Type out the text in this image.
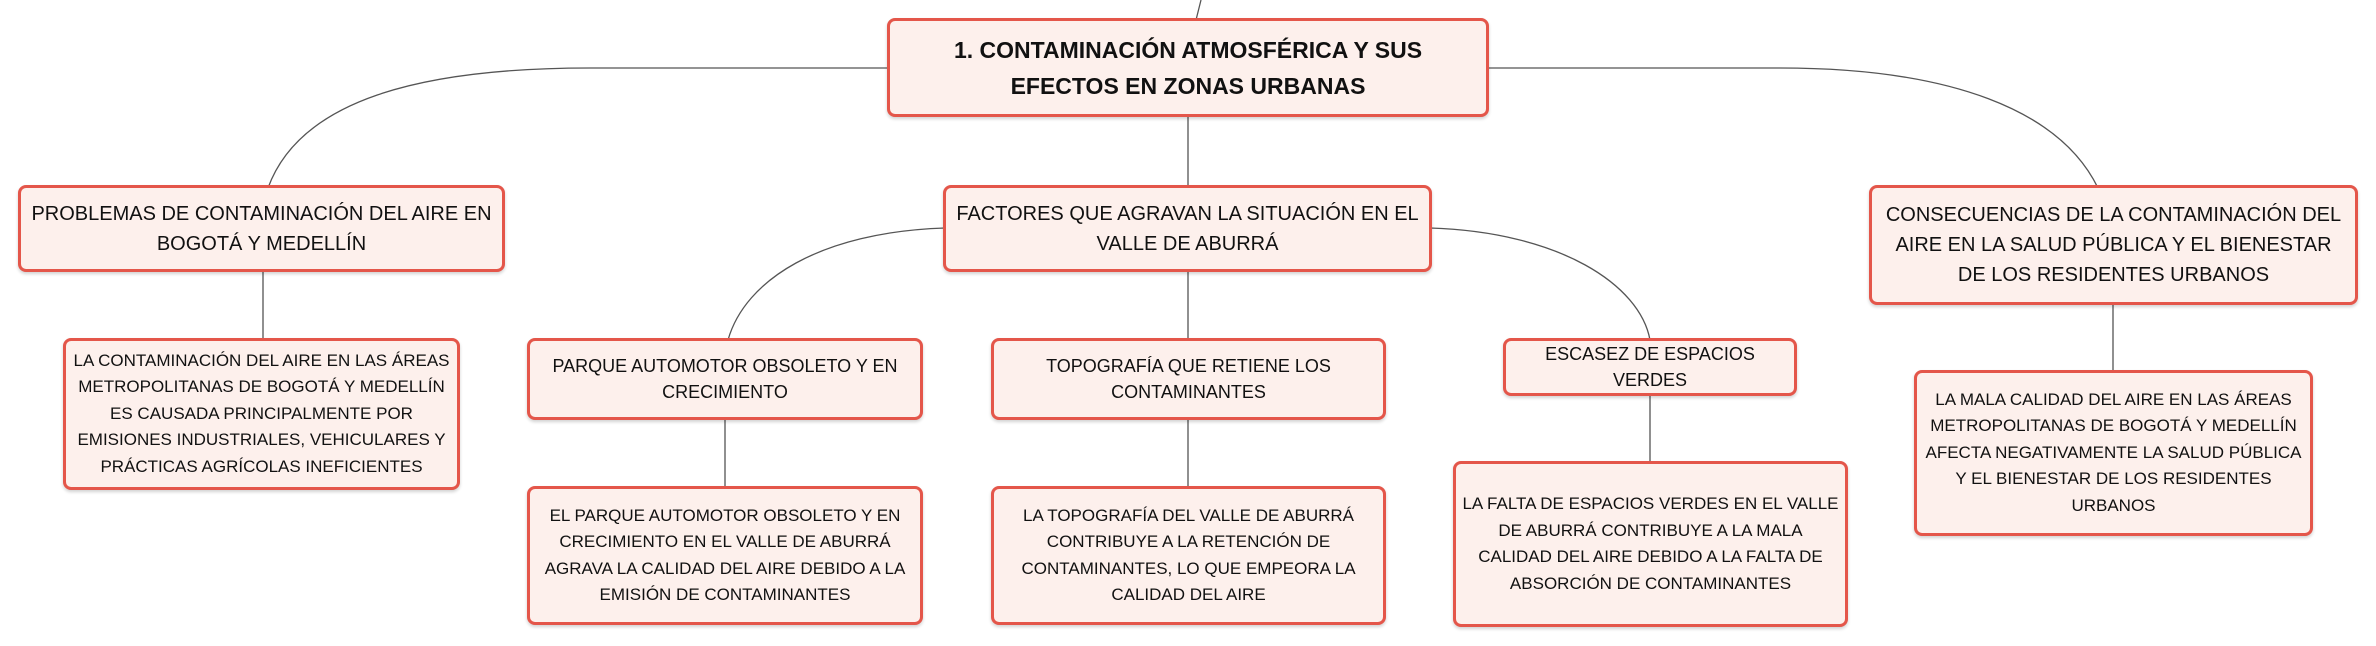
1. CONTAMINACIÓN ATMOSFÉRICA Y SUS EFECTOS EN ZONAS URBANAS
PROBLEMAS DE CONTAMINACIÓN DEL AIRE EN BOGOTÁ Y MEDELLÍN
FACTORES QUE AGRAVAN LA SITUACIÓN EN EL VALLE DE ABURRÁ
CONSECUENCIAS DE LA CONTAMINACIÓN DEL AIRE EN LA SALUD PÚBLICA Y EL BIENESTAR DE LOS RESIDENTES URBANOS
LA CONTAMINACIÓN DEL AIRE EN LAS ÁREAS METROPOLITANAS DE BOGOTÁ Y MEDELLÍN ES CAUSADA PRINCIPALMENTE POR EMISIONES INDUSTRIALES, VEHICULARES Y PRÁCTICAS AGRÍCOLAS INEFICIENTES
PARQUE AUTOMOTOR OBSOLETO Y EN CRECIMIENTO
TOPOGRAFÍA QUE RETIENE LOS CONTAMINANTES
ESCASEZ DE ESPACIOS VERDES
LA MALA CALIDAD DEL AIRE EN LAS ÁREAS METROPOLITANAS DE BOGOTÁ Y MEDELLÍN AFECTA NEGATIVAMENTE LA SALUD PÚBLICA Y EL BIENESTAR DE LOS RESIDENTES URBANOS
EL PARQUE AUTOMOTOR OBSOLETO Y EN CRECIMIENTO EN EL VALLE DE ABURRÁ AGRAVA LA CALIDAD DEL AIRE DEBIDO A LA EMISIÓN DE CONTAMINANTES
LA TOPOGRAFÍA DEL VALLE DE ABURRÁ CONTRIBUYE A LA RETENCIÓN DE CONTAMINANTES, LO QUE EMPEORA LA CALIDAD DEL AIRE
LA FALTA DE ESPACIOS VERDES EN EL VALLE DE ABURRÁ CONTRIBUYE A LA MALA CALIDAD DEL AIRE DEBIDO A LA FALTA DE ABSORCIÓN DE CONTAMINANTES
